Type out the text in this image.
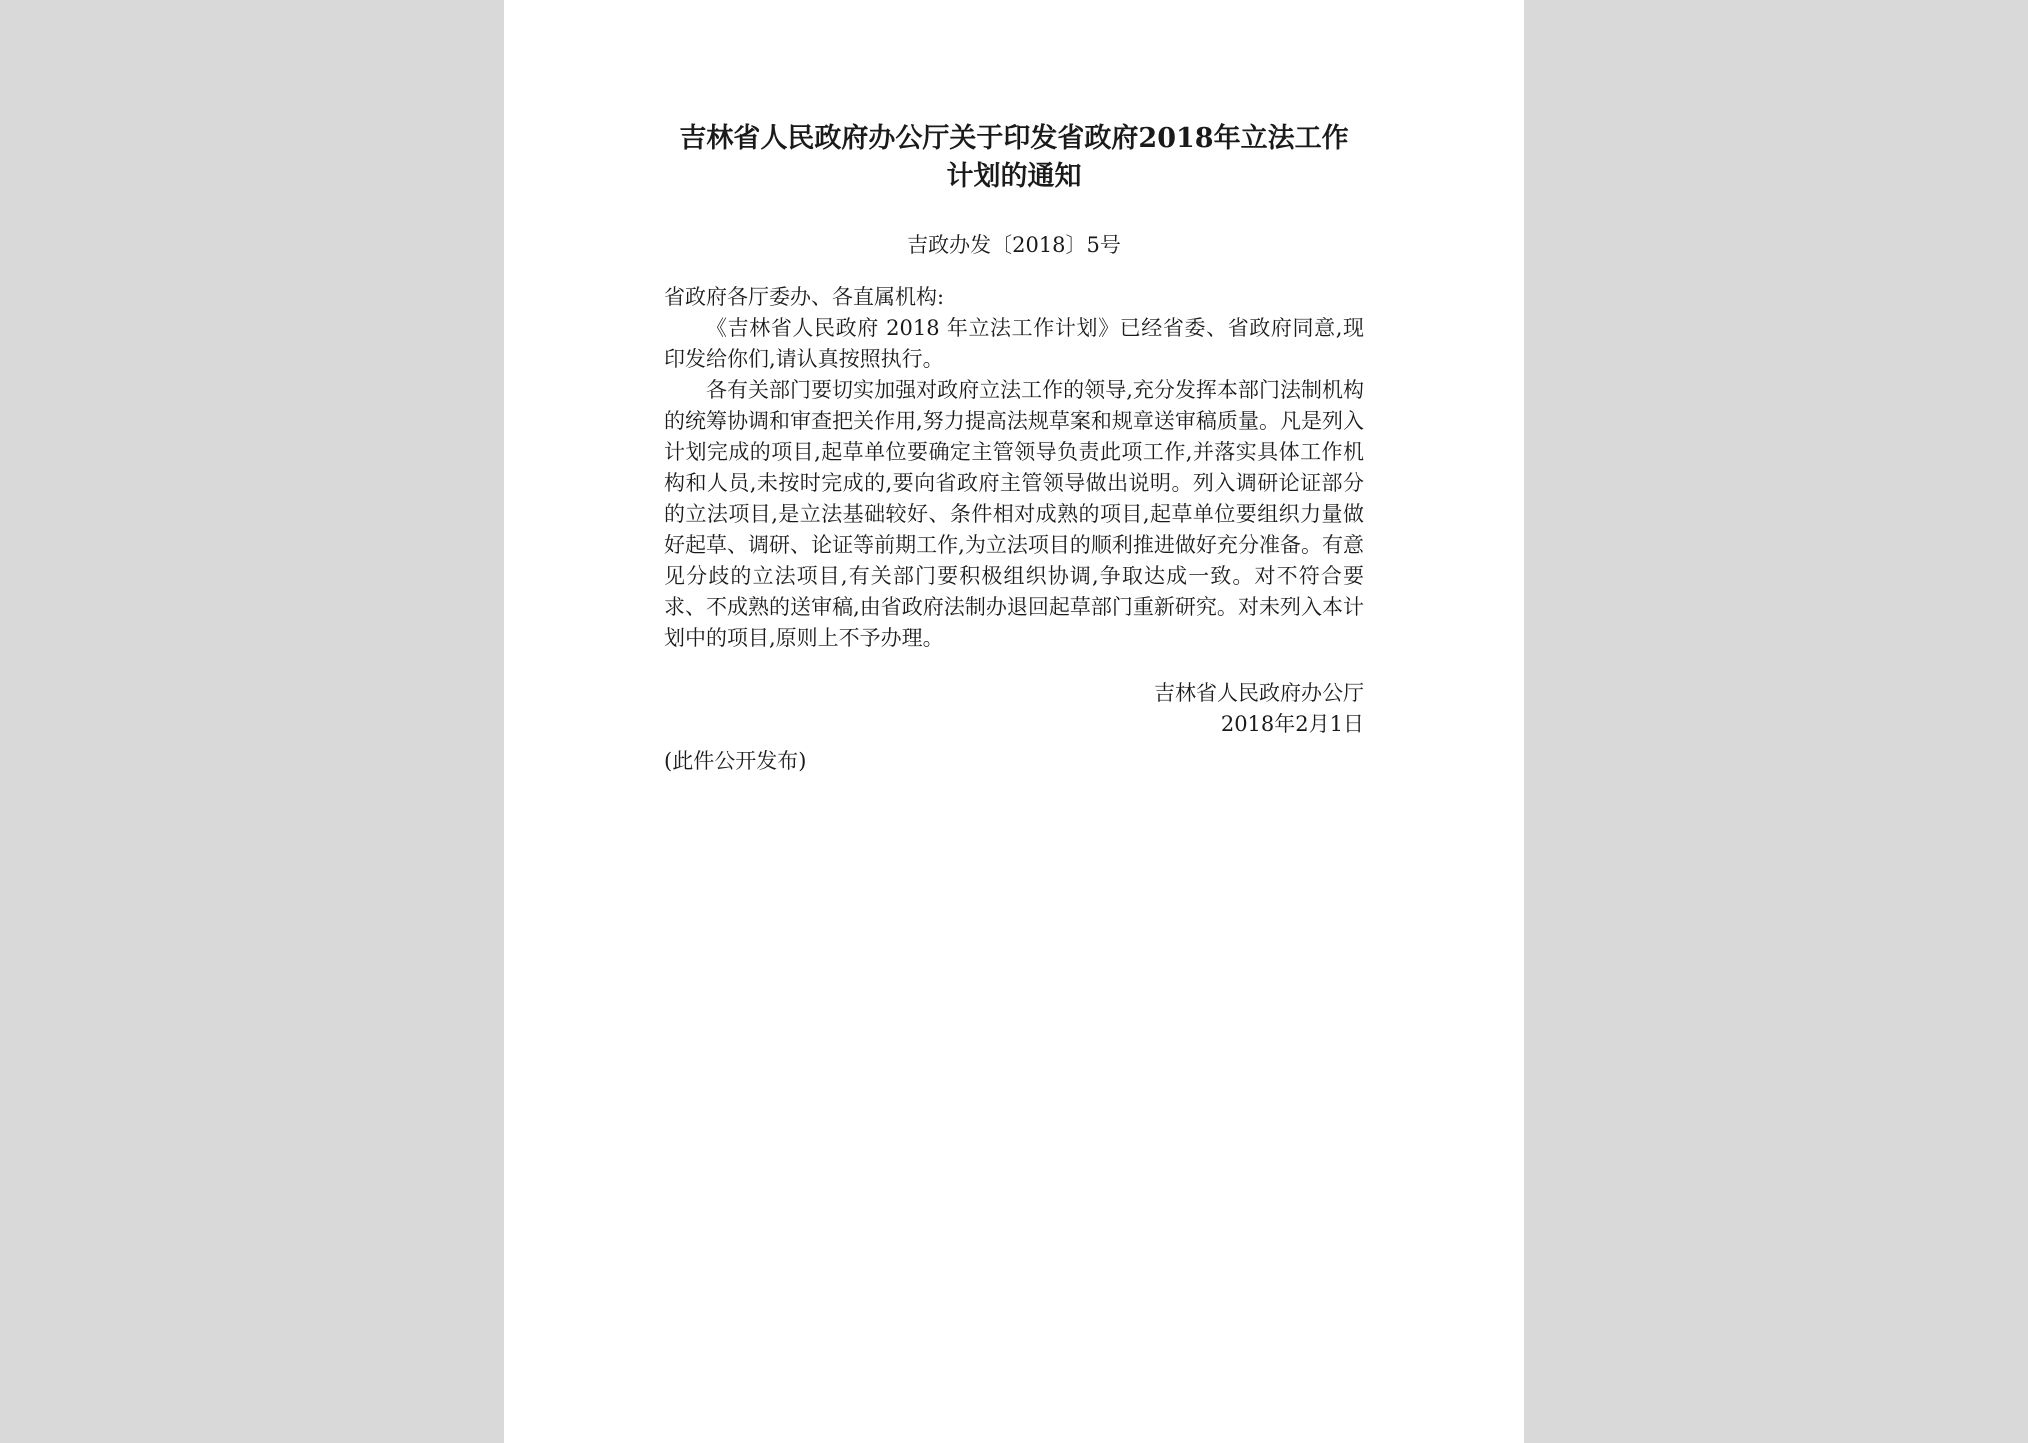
吉林省人民政府办公厅关于印发省政府2018年立法工作
计划的通知
吉政办发〔2018〕5号
省政府各厅委办、各直属机构:

《吉林省人民政府 2018 年立法工作计划》已经省委、省政府同意,现印发给你们,请认真按照执行。

各有关部门要切实加强对政府立法工作的领导,充分发挥本部门法制机构的统筹协调和审查把关作用,努力提高法规草案和规章送审稿质量。凡是列入计划完成的项目,起草单位要确定主管领导负责此项工作,并落实具体工作机构和人员,未按时完成的,要向省政府主管领导做出说明。列入调研论证部分的立法项目,是立法基础较好、条件相对成熟的项目,起草单位要组织力量做好起草、调研、论证等前期工作,为立法项目的顺利推进做好充分准备。有意见分歧的立法项目,有关部门要积极组织协调,争取达成一致。对不符合要求、不成熟的送审稿,由省政府法制办退回起草部门重新研究。对未列入本计划中的项目,原则上不予办理。

吉林省人民政府办公厅
2018年2月1日
(此件公开发布)
